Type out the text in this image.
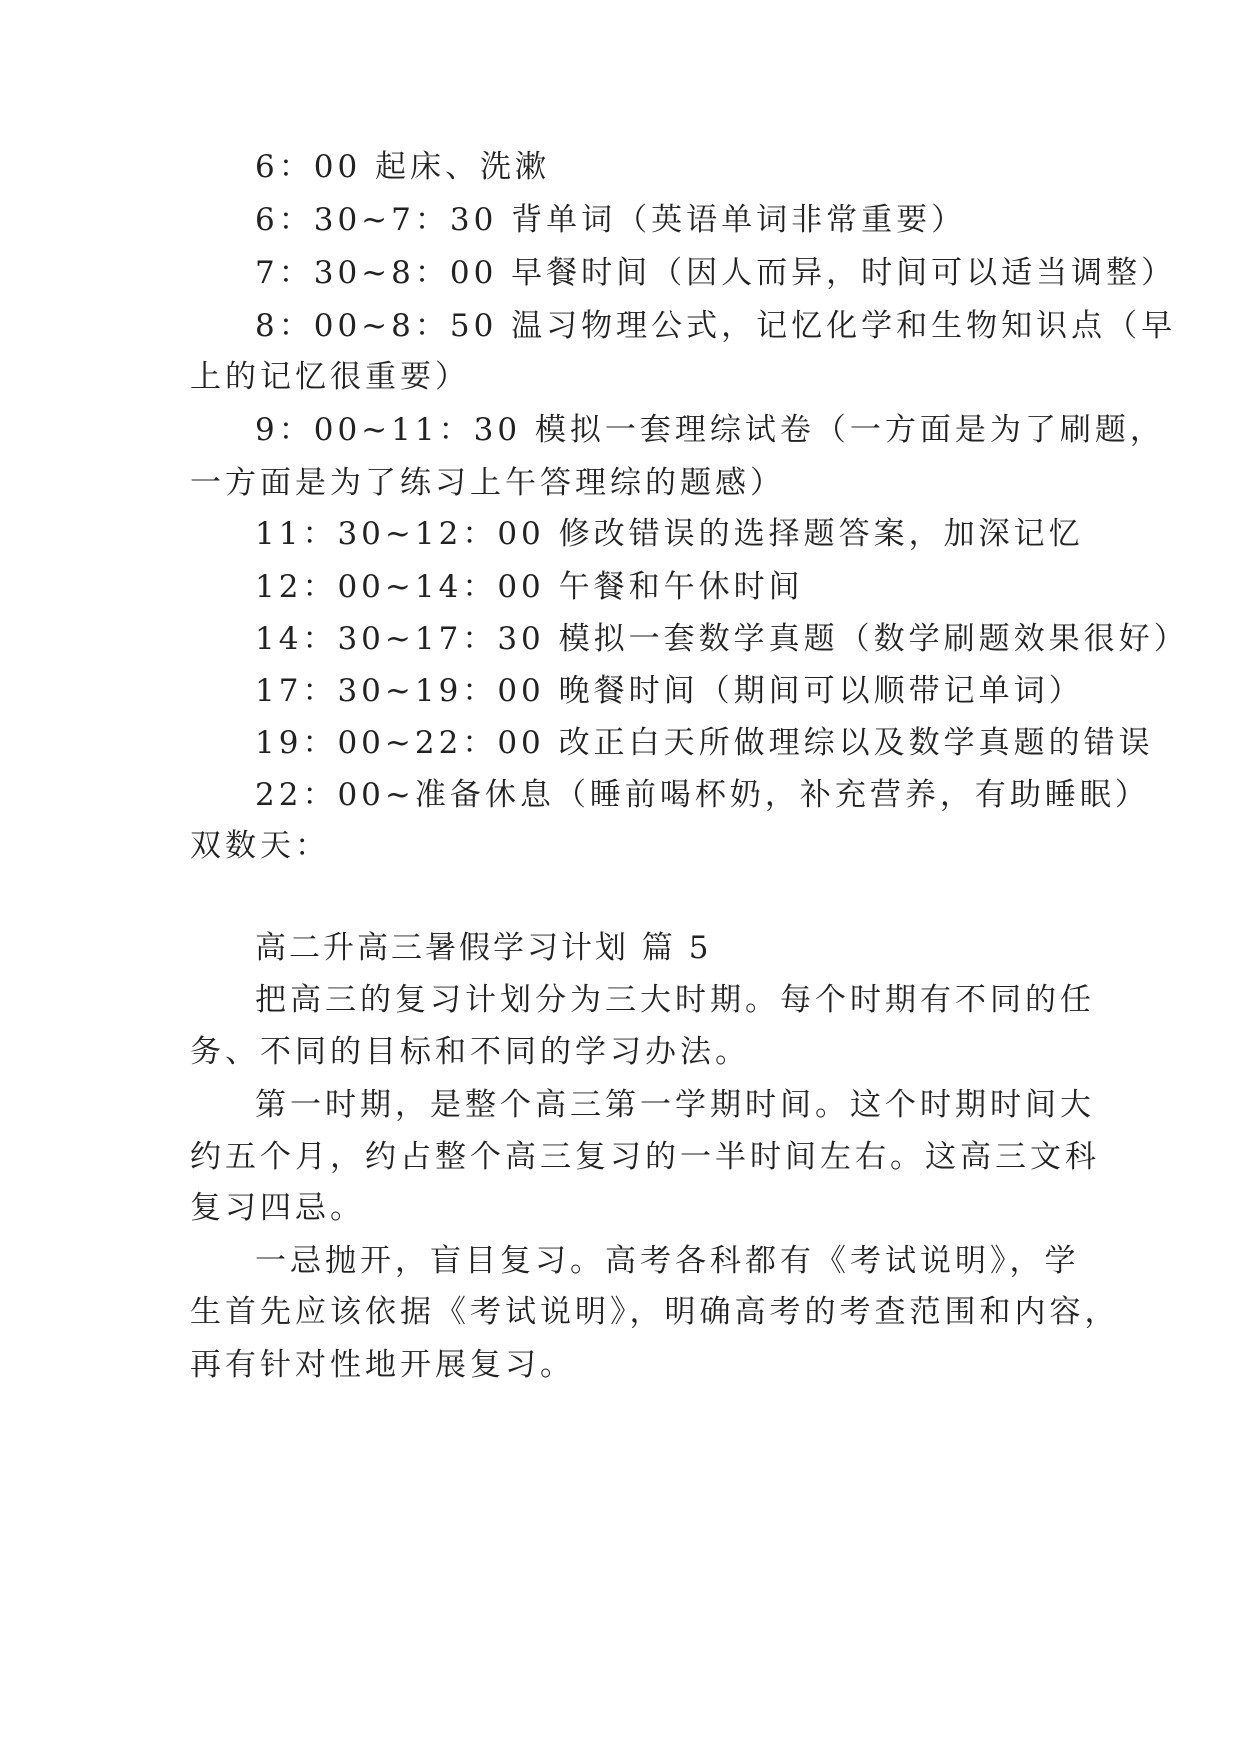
6：00 起床、洗漱
6：30~7：30 背单词（英语单词非常重要）
7：30~8：00 早餐时间（因人而异，时间可以适当调整）
8：00~8：50 温习物理公式，记忆化学和生物知识点（早
上的记忆很重要）
9：00~11：30 模拟一套理综试卷（一方面是为了刷题，
一方面是为了练习上午答理综的题感）
11：30~12：00 修改错误的选择题答案，加深记忆
12：00~14：00 午餐和午休时间
14：30~17：30 模拟一套数学真题（数学刷题效果很好）
17：30~19：00 晚餐时间（期间可以顺带记单词）
19：00~22：00 改正白天所做理综以及数学真题的错误
22：00~准备休息（睡前喝杯奶，补充营养，有助睡眠）
双数天：
高二升高三暑假学习计划 篇 5
把高三的复习计划分为三大时期。每个时期有不同的任
务、不同的目标和不同的学习办法。
第一时期，是整个高三第一学期时间。这个时期时间大
约五个月，约占整个高三复习的一半时间左右。这高三文科
复习四忌。
一忌抛开，盲目复习。高考各科都有《考试说明》，学
生首先应该依据《考试说明》，明确高考的考查范围和内容，
再有针对性地开展复习。
